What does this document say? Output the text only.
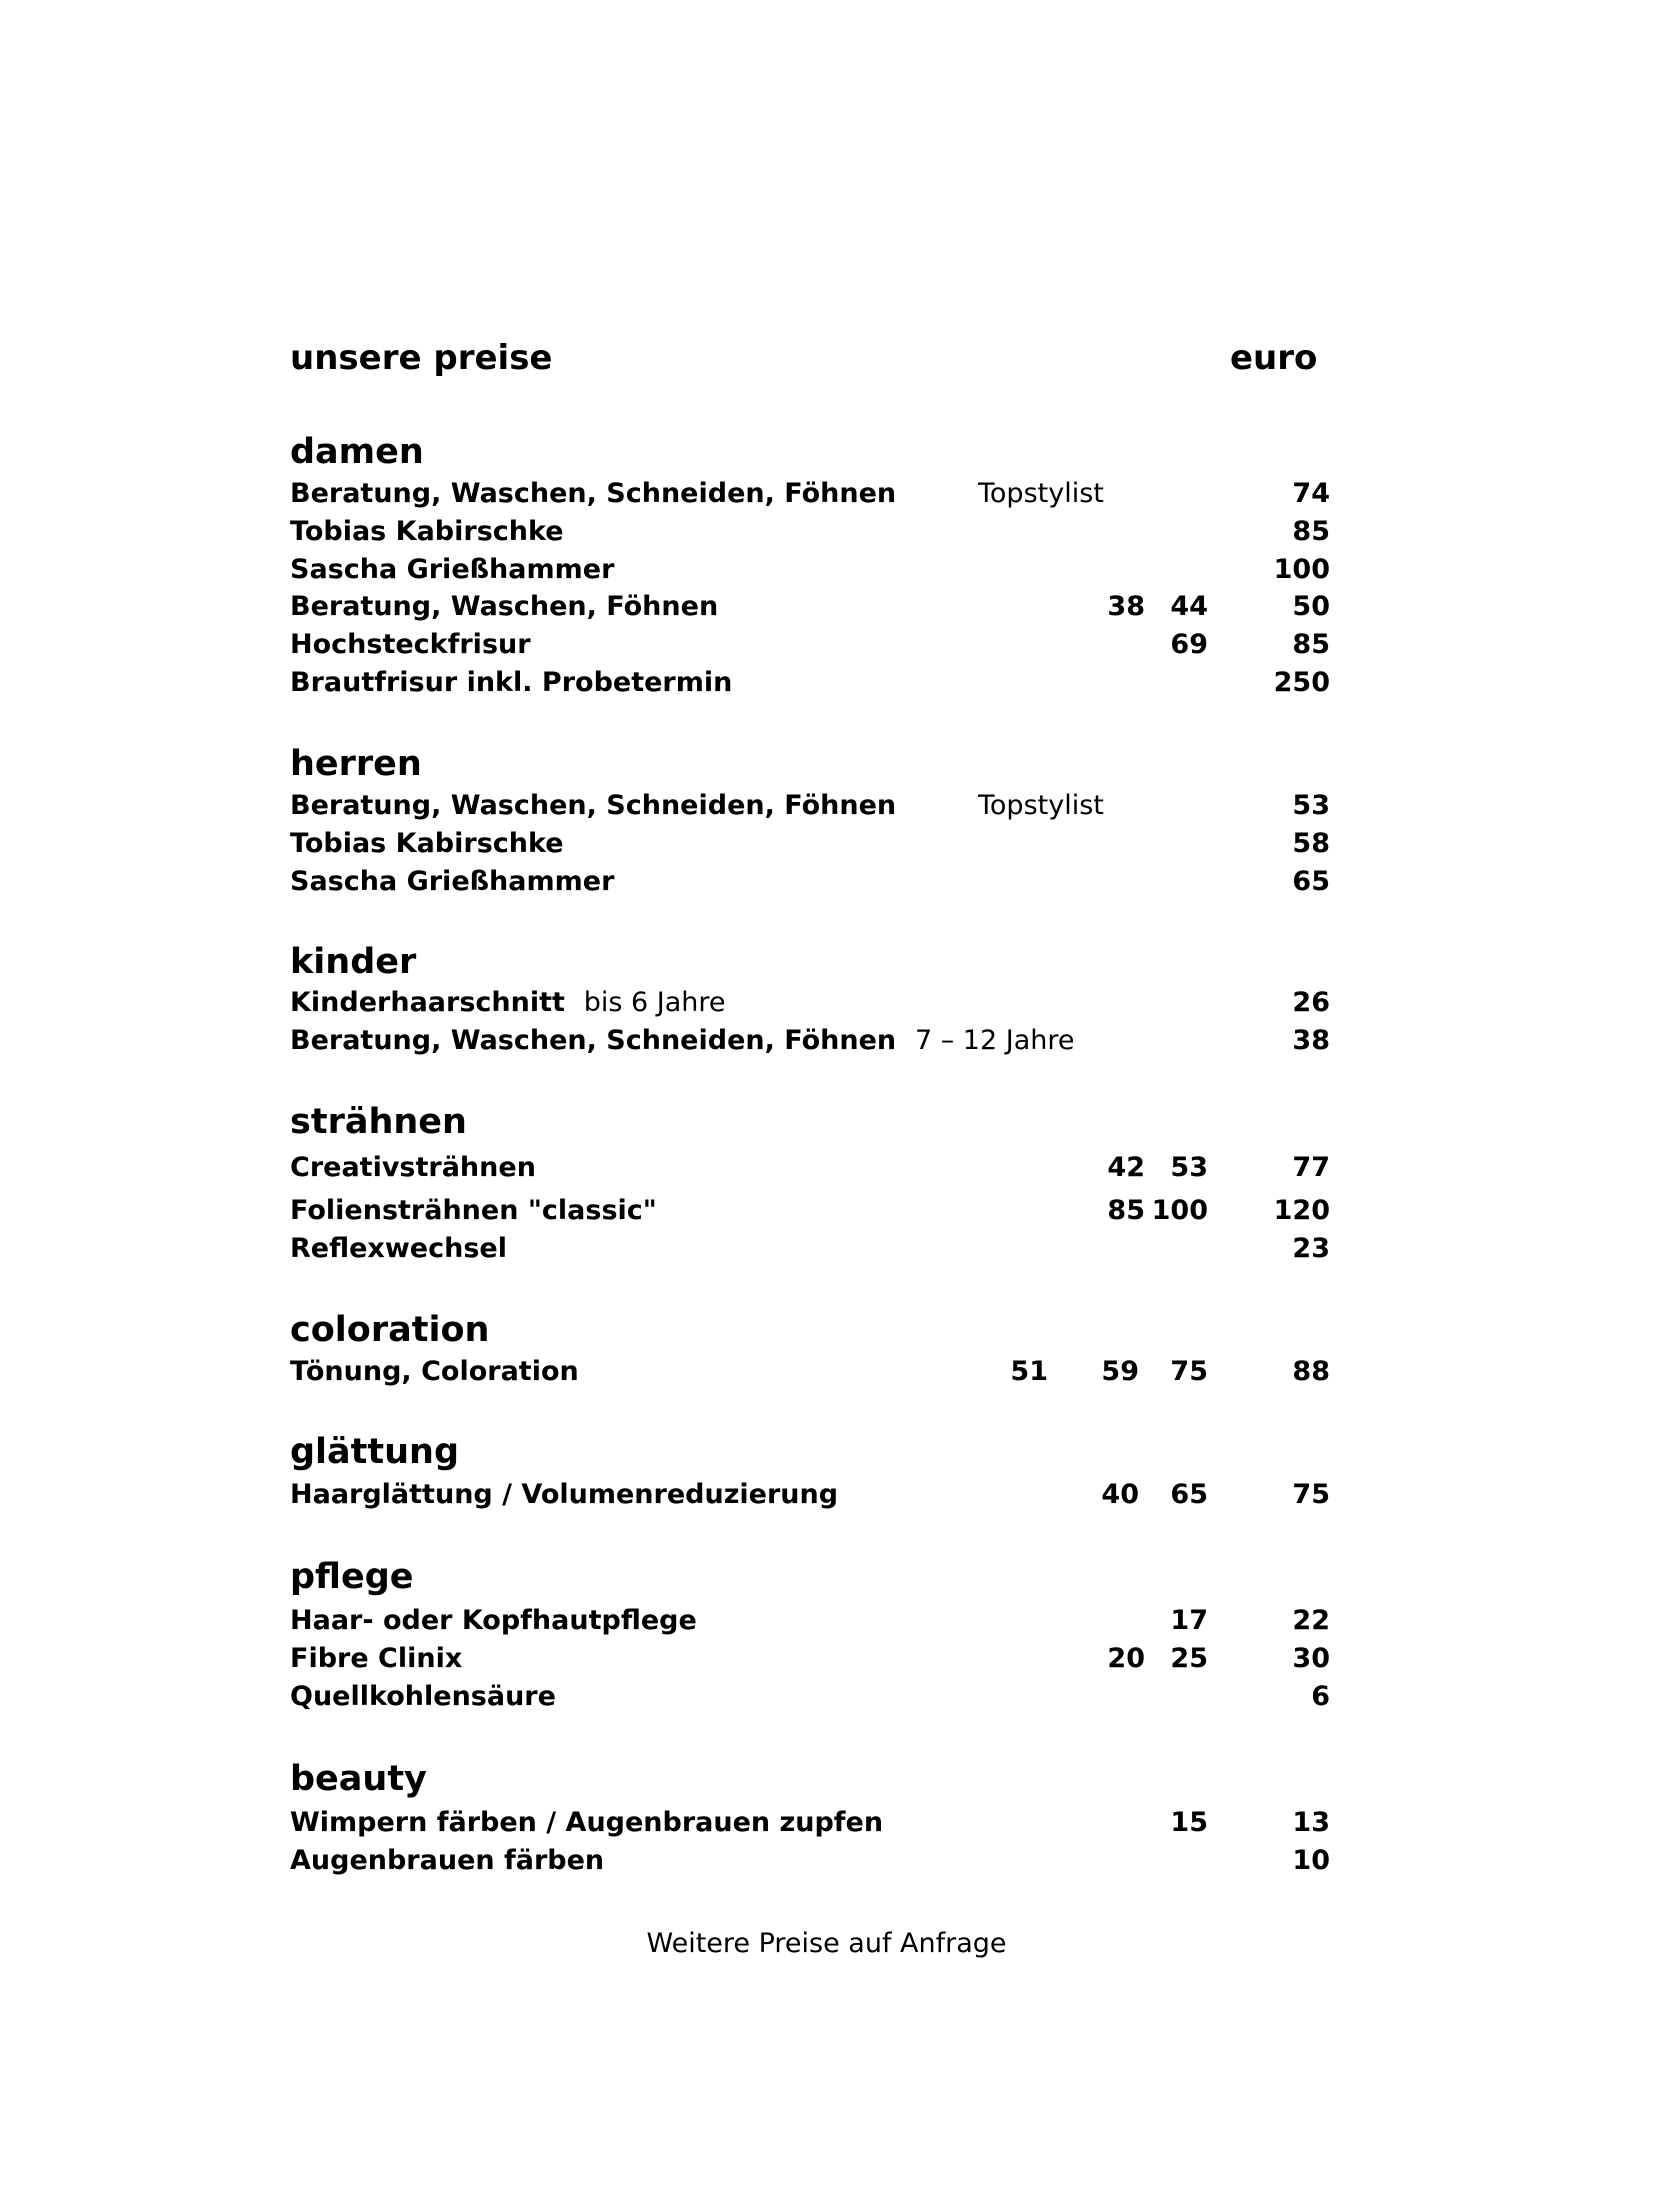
unsere preise	euro
damen
Beratung, Waschen, Schneiden, Föhnen	Topstylist	74
Tobias Kabirschke	85
Sascha Grießhammer	100
Beratung, Waschen, Föhnen	38 44	50
Hochsteckfrisur	69	85
Brautfrisur inkl. Probetermin	250
herren
Beratung, Waschen, Schneiden, Föhnen	Topstylist	53
Tobias Kabirschke	58
Sascha Grießhammer	65
kinder
Kinderhaarschnitt bis 6 Jahre	26
Beratung, Waschen, Schneiden, Föhnen 7 – 12 Jahre	38
strähnen
Creativsträhnen	42 53	77
Foliensträhnen "classic"	85 100	120
Reflexwechsel	23
coloration
Tönung, Coloration	51	59	75	88
glättung
Haarglättung / Volumenreduzierung	40	65	75
pflege
Haar- oder Kopfhautpflege	17	22
Fibre Clinix	20 25	30
Quellkohlensäure	6
beauty
Wimpern färben / Augenbrauen zupfen	15	13
Augenbrauen färben	10
Weitere Preise auf Anfrage
